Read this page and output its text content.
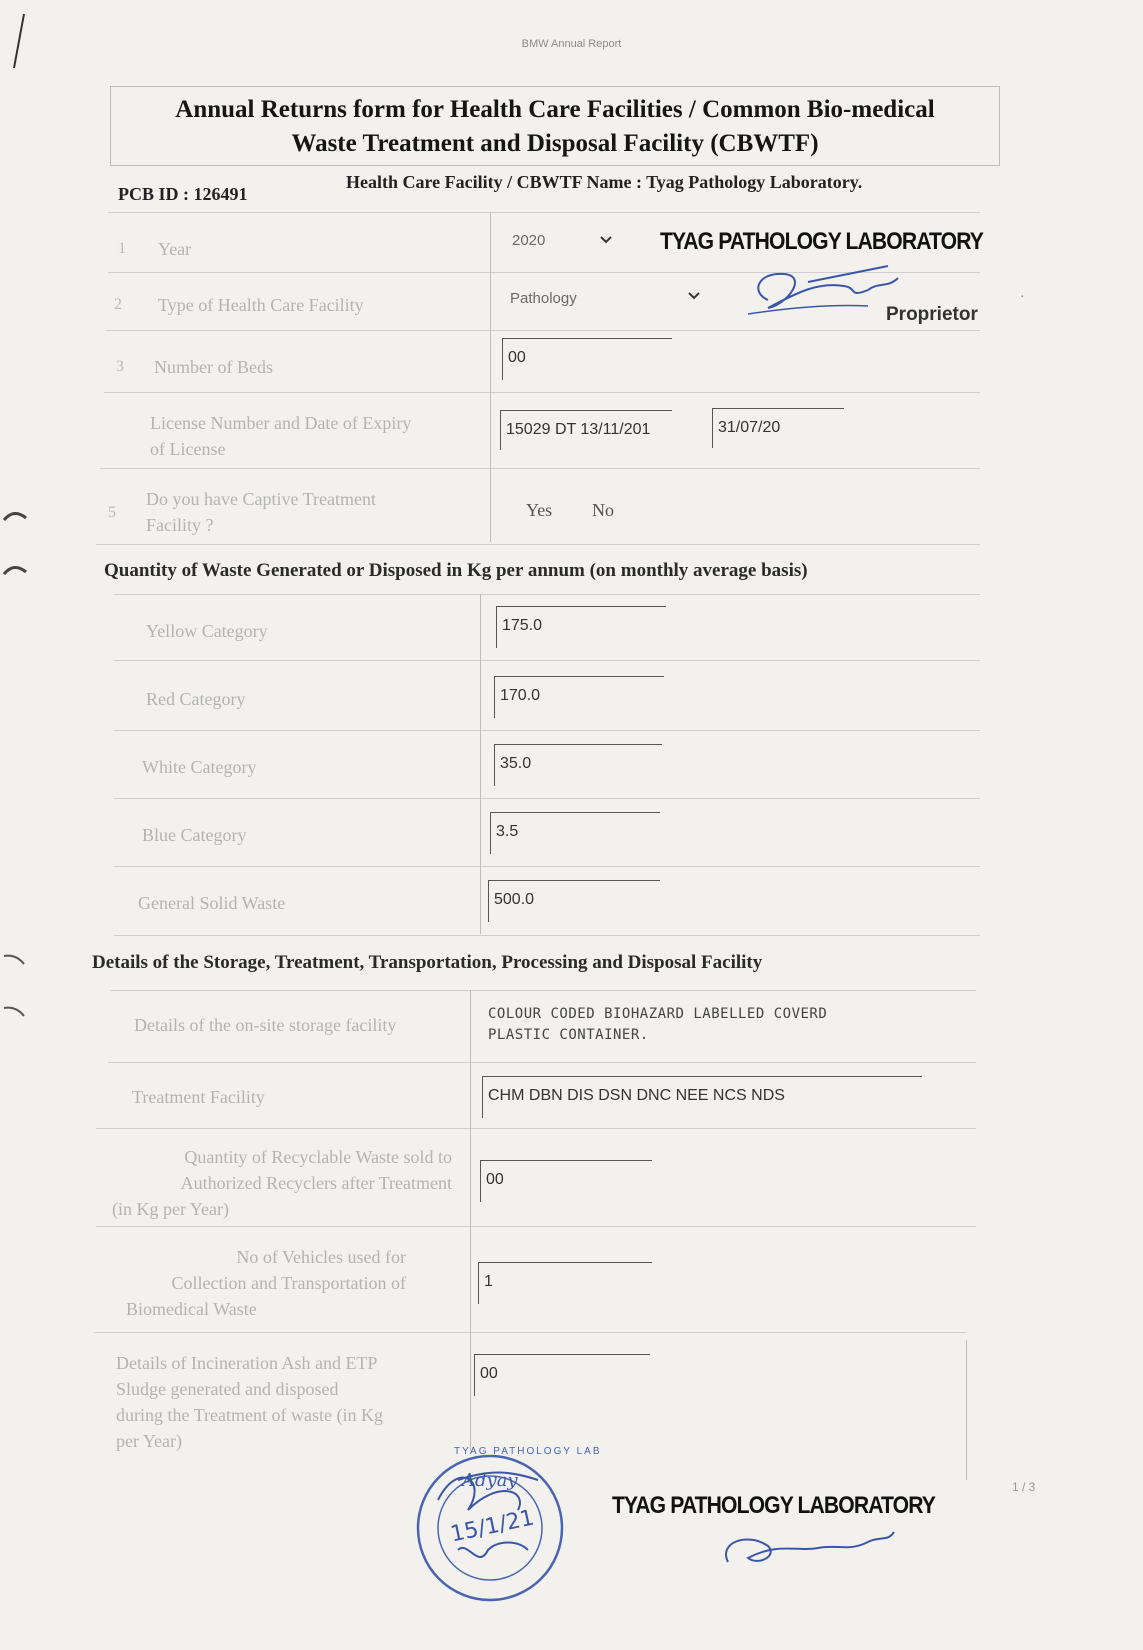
BMW Annual Report
·
Annual Returns form for Health Care Facilities / Common Bio-medical
Waste Treatment and Disposal Facility (CBWTF)
PCB ID : 126491
Health Care Facility / CBWTF Name : Tyag Pathology Laboratory.
1 Year	2020
2 Type of Health Care Facility	Pathology
3 Number of Beds	00
License Number and Date of Expiry
of License
15029 DT 13/11/201	31/07/20
5
Do you have Captive Treatment
Facility ?
Yes No
Quantity of Waste Generated or Disposed in Kg per annum (on monthly average basis)
Yellow Category	175.0
Red Category	170.0
White Category	35.0
Blue Category	3.5
General Solid Waste	500.0
Details of the Storage, Treatment, Transportation, Processing and Disposal Facility
Details of the on-site storage facility
COLOUR CODED BIOHAZARD LABELLED COVERD
PLASTIC CONTAINER.
Treatment Facility	CHM DBN DIS DSN DNC NEE NCS NDS
Quantity of Recyclable Waste sold to
Authorized Recyclers after Treatment
(in Kg per Year)
00
No of Vehicles used for
Collection and Transportation of
Biomedical Waste
1
Details of Incineration Ash and ETP
Sludge generated and disposed
during the Treatment of waste (in Kg
per Year)
00
TYAG PATHOLOGY LABORATORY
Proprietor
TYAG PATHOLOGY LAB
Adyay
15/1/21	TYAG PATHOLOGY LABORATORY
1 / 3
